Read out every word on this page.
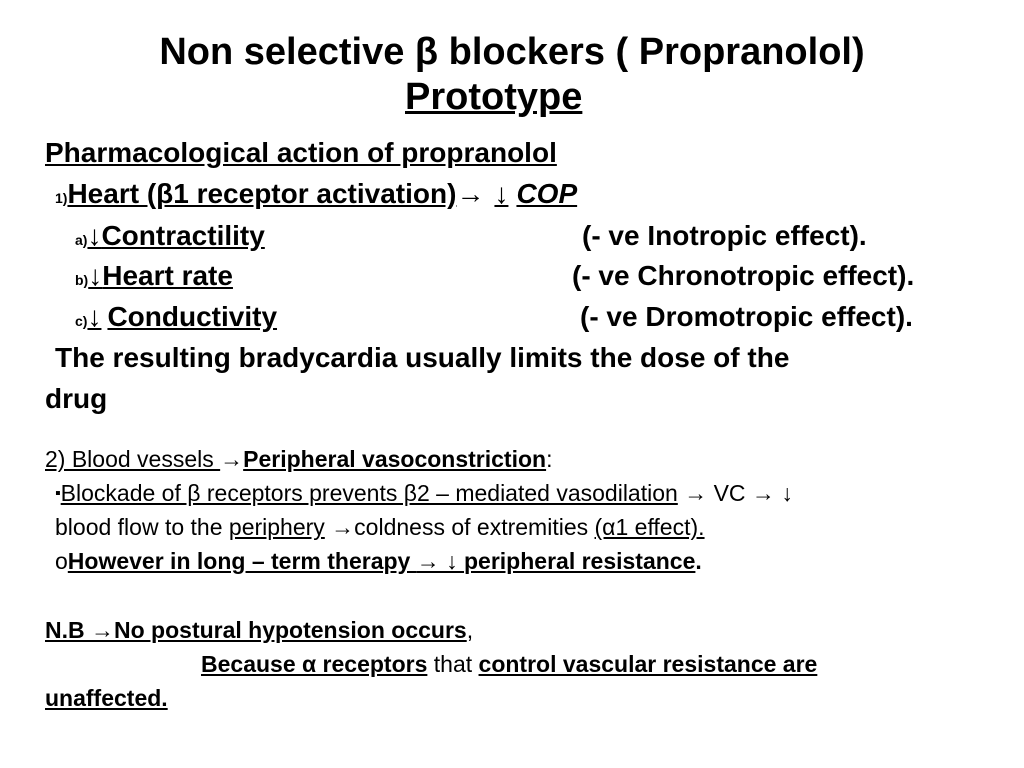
Non selective β blockers ( Propranolol)
Prototype
Pharmacological action of propranolol
1)Heart (β1 receptor activation)→ ↓ COP
a)↓Contractility	(- ve Inotropic effect).
b)↓Heart rate	(- ve Chronotropic effect).
c)↓ Conductivity	(- ve Dromotropic effect).
The resulting bradycardia usually limits the dose of the
drug
2) Blood vessels →Peripheral vasoconstriction:
▪Blockade of β receptors prevents β2 – mediated vasodilation → VC → ↓
blood flow to the periphery →coldness of extremities (α1 effect).
oHowever in long – term therapy → ↓ peripheral resistance.
N.B →No postural hypotension occurs,
Because α receptors that control vascular resistance are
unaffected.
